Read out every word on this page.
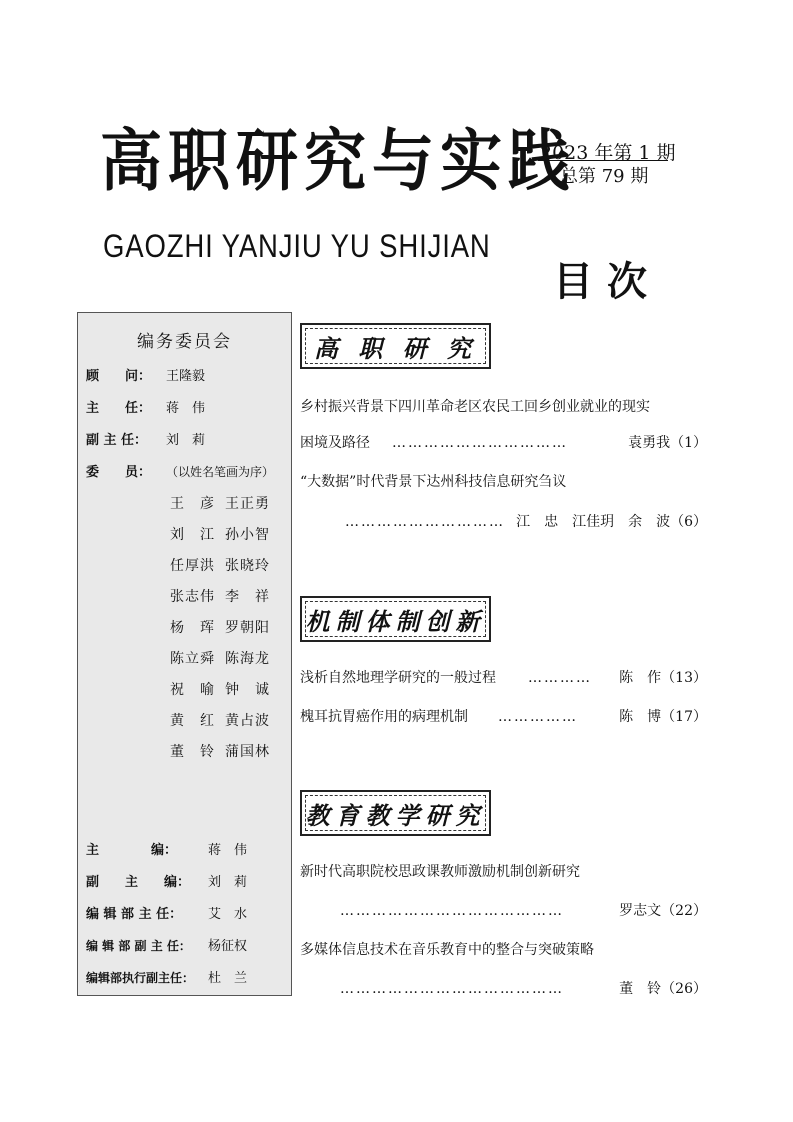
高职研究与实践
GAOZHI YANJIU YU SHIJIAN
2023 年第 1 期
总第 79 期
目次
编务委员会
顾　　问： 王隆毅
主　　任： 蒋　伟
副 主 任： 刘　莉
委　　员： （以姓名笔画为序）
王　彦 王正勇
刘　江 孙小智
任厚洪 张晓玲
张志伟 李　祥
杨　珲 罗朝阳
陈立舜 陈海龙
祝　喻 钟　诚
黄　红 黄占波
董　铃 蒲国林
主　　　　编： 蒋　伟
副　　主　　编： 刘　莉
编 辑 部 主 任： 艾　水
编 辑 部 副 主 任： 杨征权
编辑部执行副主任： 杜　兰
高 职 研 究
乡村振兴背景下四川革命老区农民工回乡创业就业的现实
困境及路径 ……………………………	袁勇我（1）
“大数据”时代背景下达州科技信息研究刍议
………………………… 江　忠　江佳玥　余　波（6）
机制体制创新
浅析自然地理学研究的一般过程 ………… 陈　作（13）
槐耳抗胃癌作用的病理机制 ……………	陈　博（17）
教育教学研究
新时代高职院校思政课教师激励机制创新研究
……………………………………	罗志文（22）
多媒体信息技术在音乐教育中的整合与突破策略
……………………………………	董　铃（26）
